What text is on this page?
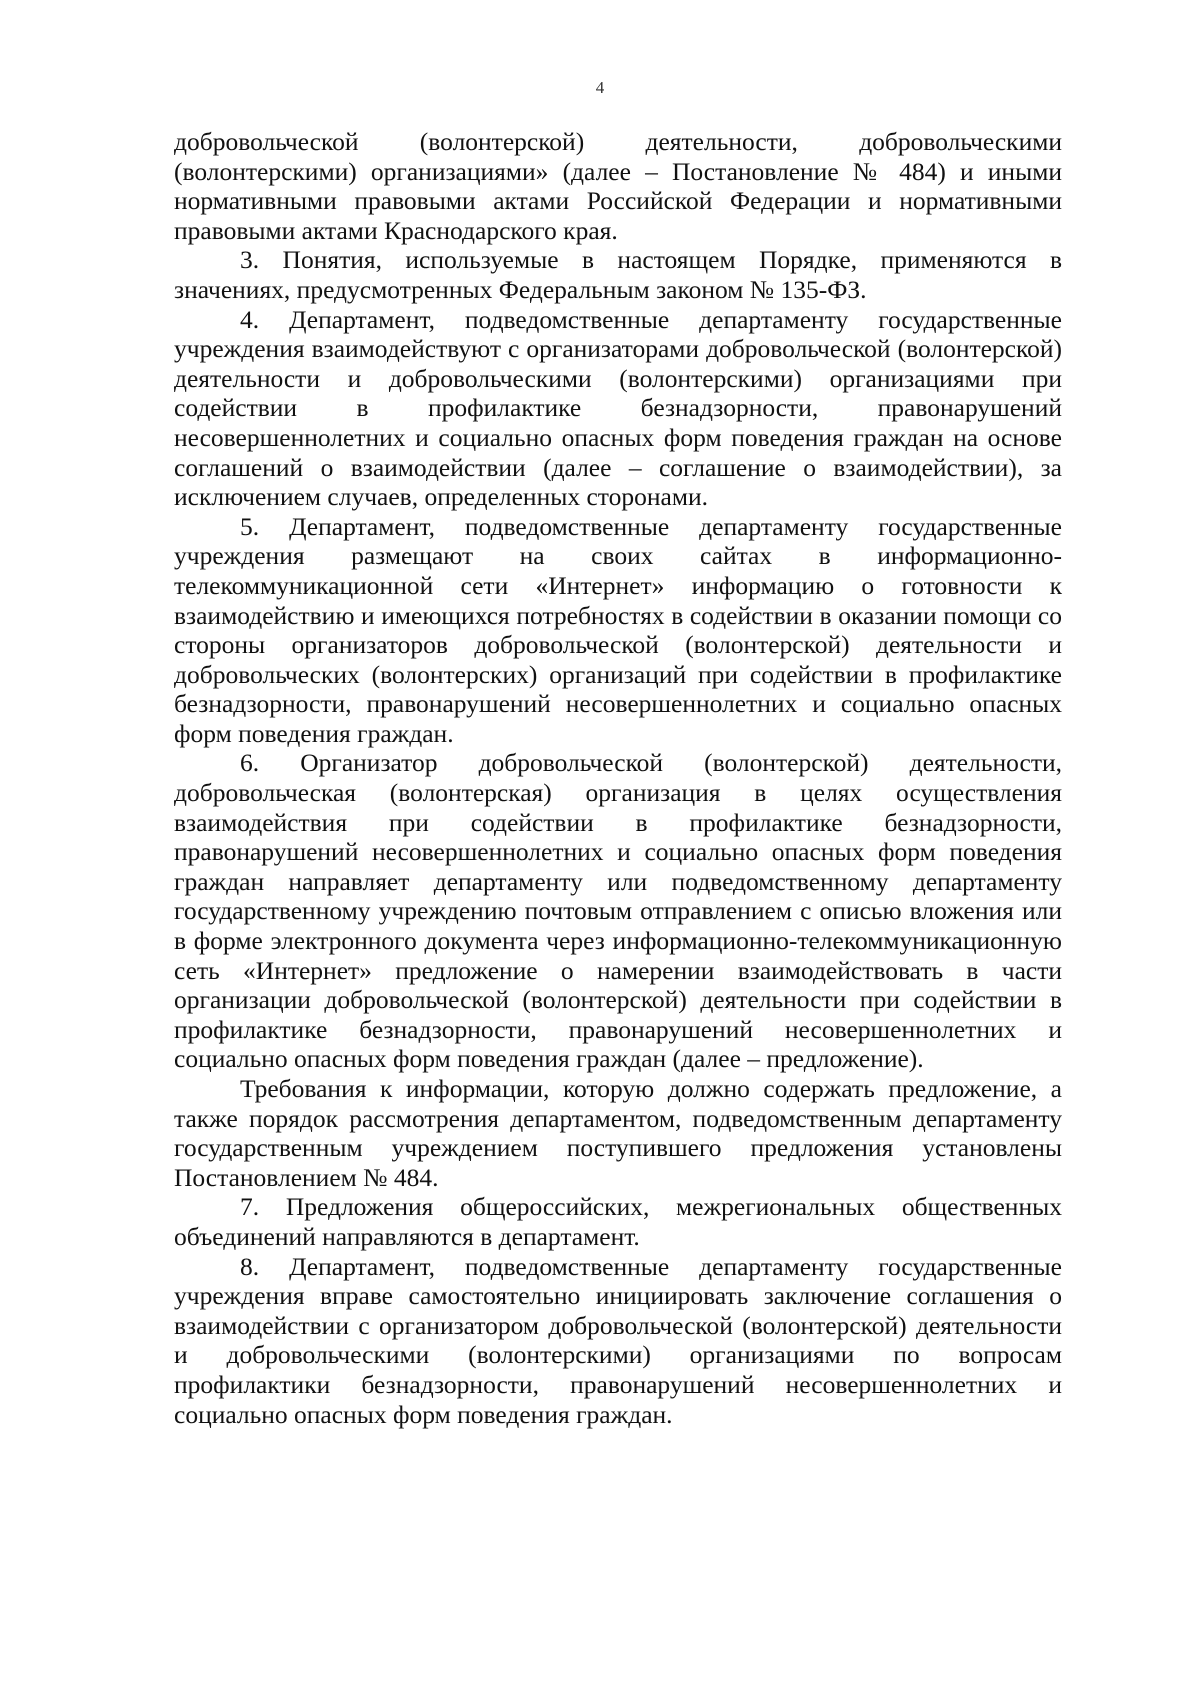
4

добровольческой (волонтерской) деятельности, добровольческими (волонтерскими) организациями» (далее – Постановление № 484) и иными нормативными правовыми актами Российской Федерации и нормативными правовыми актами Краснодарского края.

3. Понятия, используемые в настоящем Порядке, применяются в значениях, предусмотренных Федеральным законом № 135-ФЗ.

4. Департамент, подведомственные департаменту государственные учреждения взаимодействуют с организаторами добровольческой (волонтерской) деятельности и добровольческими (волонтерскими) организациями при содействии в профилактике безнадзорности, правонарушений несовершеннолетних и социально опасных форм поведения граждан на основе соглашений о взаимодействии (далее – соглашение о взаимодействии), за исключением случаев, определенных сторонами.

5. Департамент, подведомственные департаменту государственные учреждения размещают на своих сайтах в информационно-телекоммуникационной сети «Интернет» информацию о готовности к взаимодействию и имеющихся потребностях в содействии в оказании помощи со стороны организаторов добровольческой (волонтерской) деятельности и добровольческих (волонтерских) организаций при содействии в профилактике безнадзорности, правонарушений несовершеннолетних и социально опасных форм поведения граждан.

6. Организатор добровольческой (волонтерской) деятельности, добровольческая (волонтерская) организация в целях осуществления взаимодействия при содействии в профилактике безнадзорности, правонарушений несовершеннолетних и социально опасных форм поведения граждан направляет департаменту или подведомственному департаменту государственному учреждению почтовым отправлением с описью вложения или в форме электронного документа через информационно-телекоммуникационную сеть «Интернет» предложение о намерении взаимодействовать в части организации добровольческой (волонтерской) деятельности при содействии в профилактике безнадзорности, правонарушений несовершеннолетних и социально опасных форм поведения граждан (далее – предложение).

Требования к информации, которую должно содержать предложение, а также порядок рассмотрения департаментом, подведомственным департаменту государственным учреждением поступившего предложения установлены Постановлением № 484.

7. Предложения общероссийских, межрегиональных общественных объединений направляются в департамент.

8. Департамент, подведомственные департаменту государственные учреждения вправе самостоятельно инициировать заключение соглашения о взаимодействии с организатором добровольческой (волонтерской) деятельности и добровольческими (волонтерскими) организациями по вопросам профилактики безнадзорности, правонарушений несовершеннолетних и социально опасных форм поведения граждан.
